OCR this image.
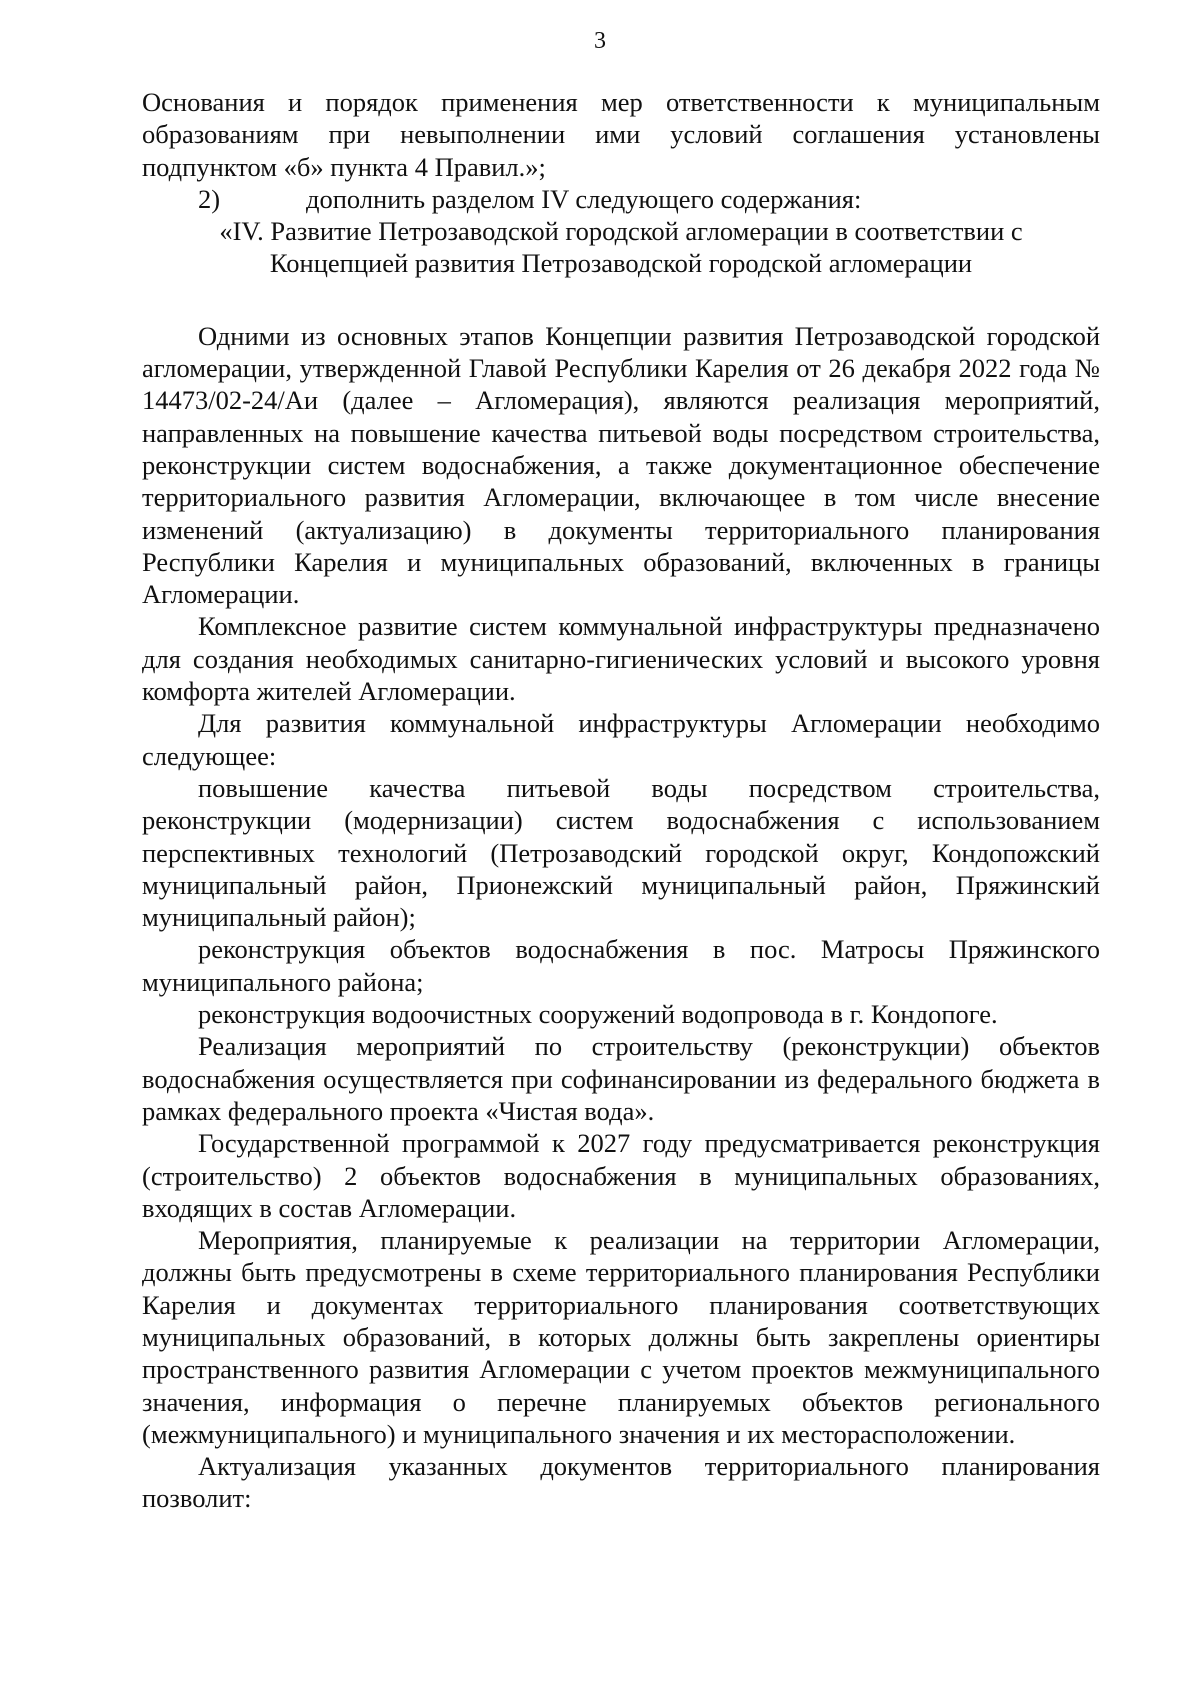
3

Основания и порядок применения мер ответственности к муниципальным образованиям при невыполнении ими условий соглашения установлены подпунктом «б» пункта 4 Правил.»;

2)	дополнить разделом IV следующего содержания:

«IV. Развитие Петрозаводской городской агломерации в соответствии с

Концепцией развития Петрозаводской городской агломерации

Одними из основных этапов Концепции развития Петрозаводской городской агломерации, утвержденной Главой Республики Карелия от 26 декабря 2022 года № 14473/02-24/Аи (далее – Агломерация), являются реализация мероприятий, направленных на повышение качества питьевой воды посредством строительства, реконструкции систем водоснабжения, а также документационное обеспечение территориального развития Агломерации, включающее в том числе внесение изменений (актуализацию) в документы территориального планирования Республики Карелия и муниципальных образований, включенных в границы Агломерации.

Комплексное развитие систем коммунальной инфраструктуры предназначено для создания необходимых санитарно-гигиенических условий и высокого уровня комфорта жителей Агломерации.

Для развития коммунальной инфраструктуры Агломерации необходимо следующее:

повышение качества питьевой воды посредством строительства, реконструкции (модернизации) систем водоснабжения с использованием перспективных технологий (Петрозаводский городской округ, Кондопожский муниципальный район, Прионежский муниципальный район, Пряжинский муниципальный район);

реконструкция объектов водоснабжения в пос. Матросы Пряжинского муниципального района;

реконструкция водоочистных сооружений водопровода в г. Кондопоге.

Реализация мероприятий по строительству (реконструкции) объектов водоснабжения осуществляется при софинансировании из федерального бюджета в рамках федерального проекта «Чистая вода».

Государственной программой к 2027 году предусматривается реконструкция (строительство) 2 объектов водоснабжения в муниципальных образованиях, входящих в состав Агломерации.

Мероприятия, планируемые к реализации на территории Агломерации, должны быть предусмотрены в схеме территориального планирования Республики Карелия и документах территориального планирования соответствующих муниципальных образований, в которых должны быть закреплены ориентиры пространственного развития Агломерации с учетом проектов межмуниципального значения, информация о перечне планируемых объектов регионального (межмуниципального) и муниципального значения и их месторасположении.

Актуализация указанных документов территориального планирования позволит:
